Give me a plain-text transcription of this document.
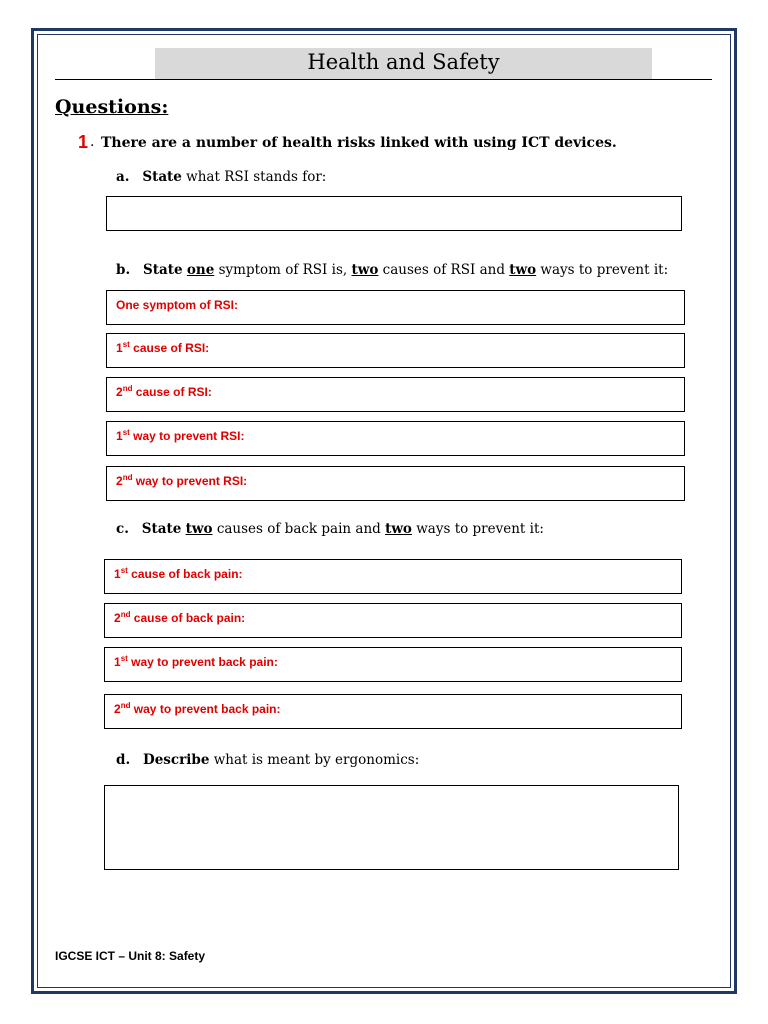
Health and Safety
Questions:
1 . There are a number of health risks linked with using ICT devices.
a. State what RSI stands for:
b. State one symptom of RSI is, two causes of RSI and two ways to prevent it:
One symptom of RSI:
1st cause of RSI:
2nd cause of RSI:
1st way to prevent RSI:
2nd way to prevent RSI:
c. State two causes of back pain and two ways to prevent it:
1st cause of back pain:
2nd cause of back pain:
1st way to prevent back pain:
2nd way to prevent back pain:
d. Describe what is meant by ergonomics:
IGCSE ICT – Unit 8: Safety
